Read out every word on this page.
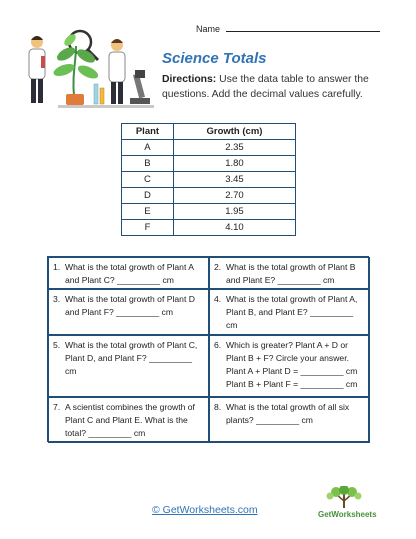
Name
Science Totals
Directions: Use the data table to answer the questions. Add the decimal values carefully.
Plant	Growth (cm)
A	2.35
B	1.80
C	3.45
D	2.70
E	1.95
F	4.10
1. What is the total growth of Plant A and Plant C? _________ cm
2. What is the total growth of Plant B and Plant E? _________ cm
3. What is the total growth of Plant D and Plant F? _________ cm
4. What is the total growth of Plant A, Plant B, and Plant E? _________ cm
5. What is the total growth of Plant C, Plant D, and Plant F? _________ cm
6. Which is greater? Plant A + D or Plant B + F? Circle your answer.
Plant A + Plant D = _________ cm
Plant B + Plant F = _________ cm
7. A scientist combines the growth of Plant C and Plant E. What is the total? _________ cm
8. What is the total growth of all six plants? _________ cm
© GetWorksheets.com	GetWorksheets
